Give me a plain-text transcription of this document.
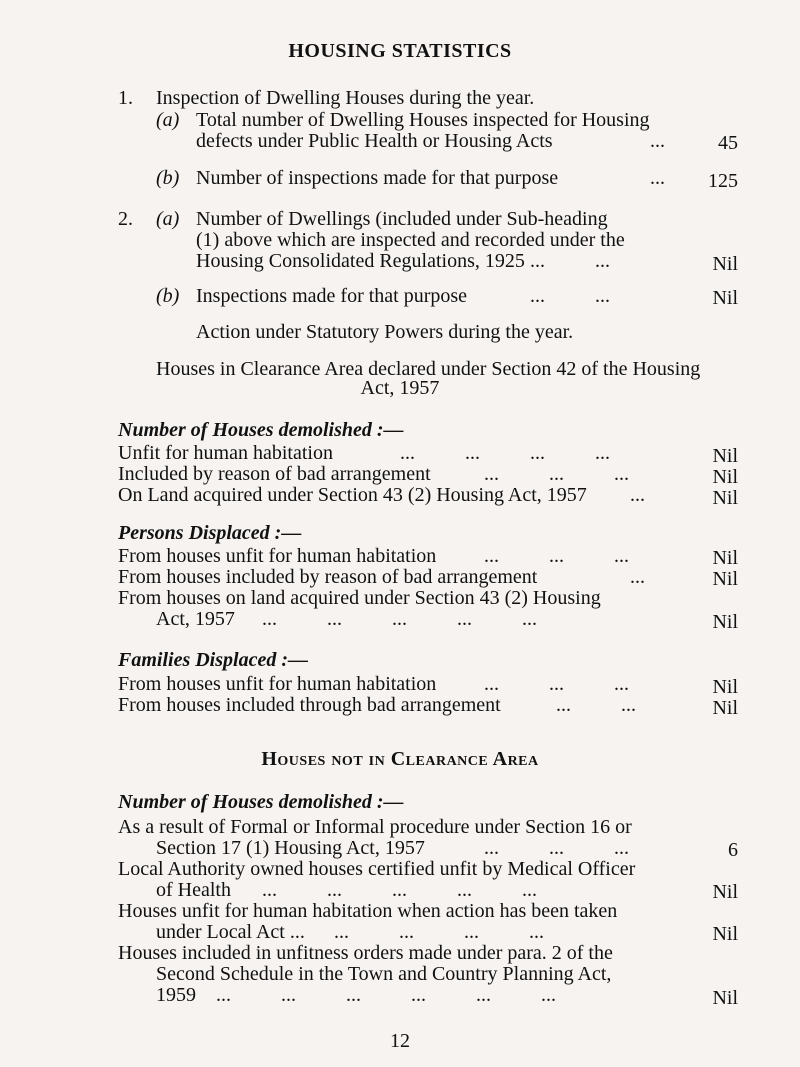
HOUSING STATISTICS
1. Inspection of Dwelling Houses during the year.
(a) Total number of Dwelling Houses inspected for Housing
defects under Public Health or Housing Acts	...	45
(b) Number of inspections made for that purpose	...	125
2. (a) Number of Dwellings (included under Sub-heading
(1) above which are inspected and recorded under the
Housing Consolidated Regulations, 1925 ...          ...	Nil
(b) Inspections made for that purpose	...          ...	Nil
Action under Statutory Powers during the year.
Houses in Clearance Area declared under Section 42 of the Housing
Act, 1957
Number of Houses demolished :—
Unfit for human habitation	...          ...          ...          ...	Nil
Included by reason of bad arrangement	...          ...          ...	Nil
On Land acquired under Section 43 (2) Housing Act, 1957 ...	Nil
Persons Displaced :—
From houses unfit for human habitation ...          ...          ...	Nil
From houses included by reason of bad arrangement	...	Nil
From houses on land acquired under Section 43 (2) Housing
Act, 1957 ...          ...          ...          ...          ...	Nil
Families Displaced :—
From houses unfit for human habitation ...          ...          ...	Nil
From houses included through bad arrangement	...          ...	Nil
Houses not in Clearance Area
Number of Houses demolished :—
As a result of Formal or Informal procedure under Section 16 or
Section 17 (1) Housing Act, 1957	...          ...          ...	6
Local Authority owned houses certified unfit by Medical Officer
of Health ...          ...          ...          ...          ...	Nil
Houses unfit for human habitation when action has been taken
under Local Act ... ...          ...          ...          ...	Nil
Houses included in unfitness orders made under para. 2 of the
Second Schedule in the Town and Country Planning Act,
1959 ...          ...          ...          ...          ...          ...	Nil
12
